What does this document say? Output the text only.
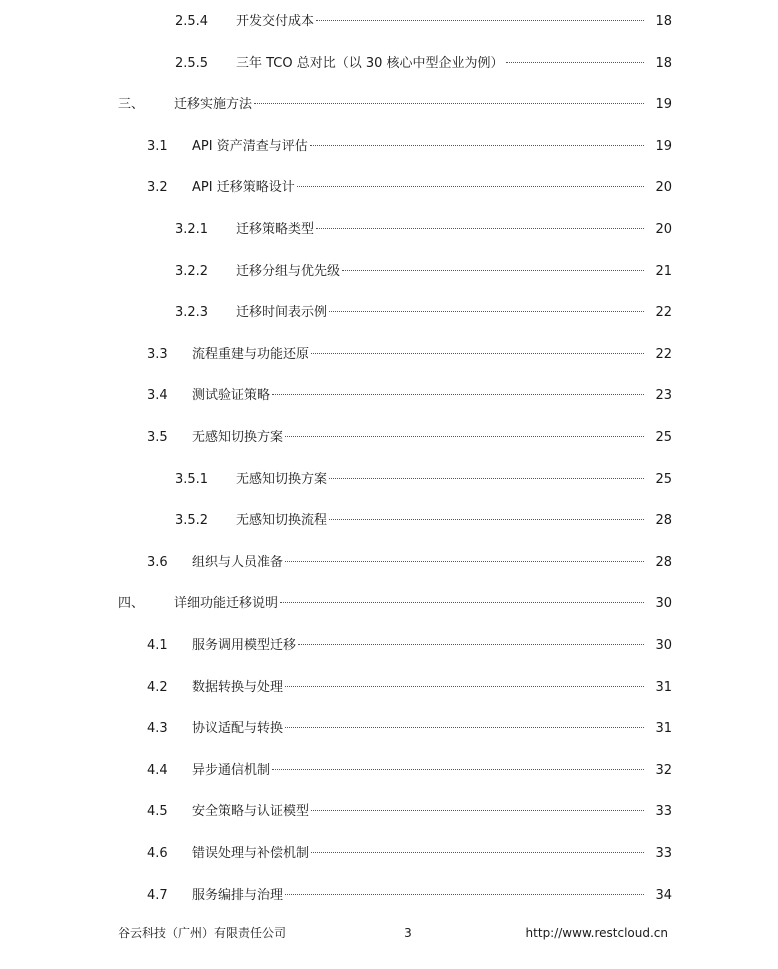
2.5.4 开发交付成本	18
2.5.5 三年 TCO 总对比（以 30 核心中型企业为例）	18
三、 迁移实施方法	19
3.1 API 资产清查与评估	19
3.2 API 迁移策略设计	20
3.2.1 迁移策略类型	20
3.2.2 迁移分组与优先级	21
3.2.3 迁移时间表示例	22
3.3 流程重建与功能还原	22
3.4 测试验证策略	23
3.5 无感知切换方案	25
3.5.1 无感知切换方案	25
3.5.2 无感知切换流程	28
3.6 组织与人员准备	28
四、 详细功能迁移说明	30
4.1 服务调用模型迁移	30
4.2 数据转换与处理	31
4.3 协议适配与转换	31
4.4 异步通信机制	32
4.5 安全策略与认证模型	33
4.6 错误处理与补偿机制	33
4.7 服务编排与治理	34
谷云科技（广州）有限责任公司	3	http://www.restcloud.cn
